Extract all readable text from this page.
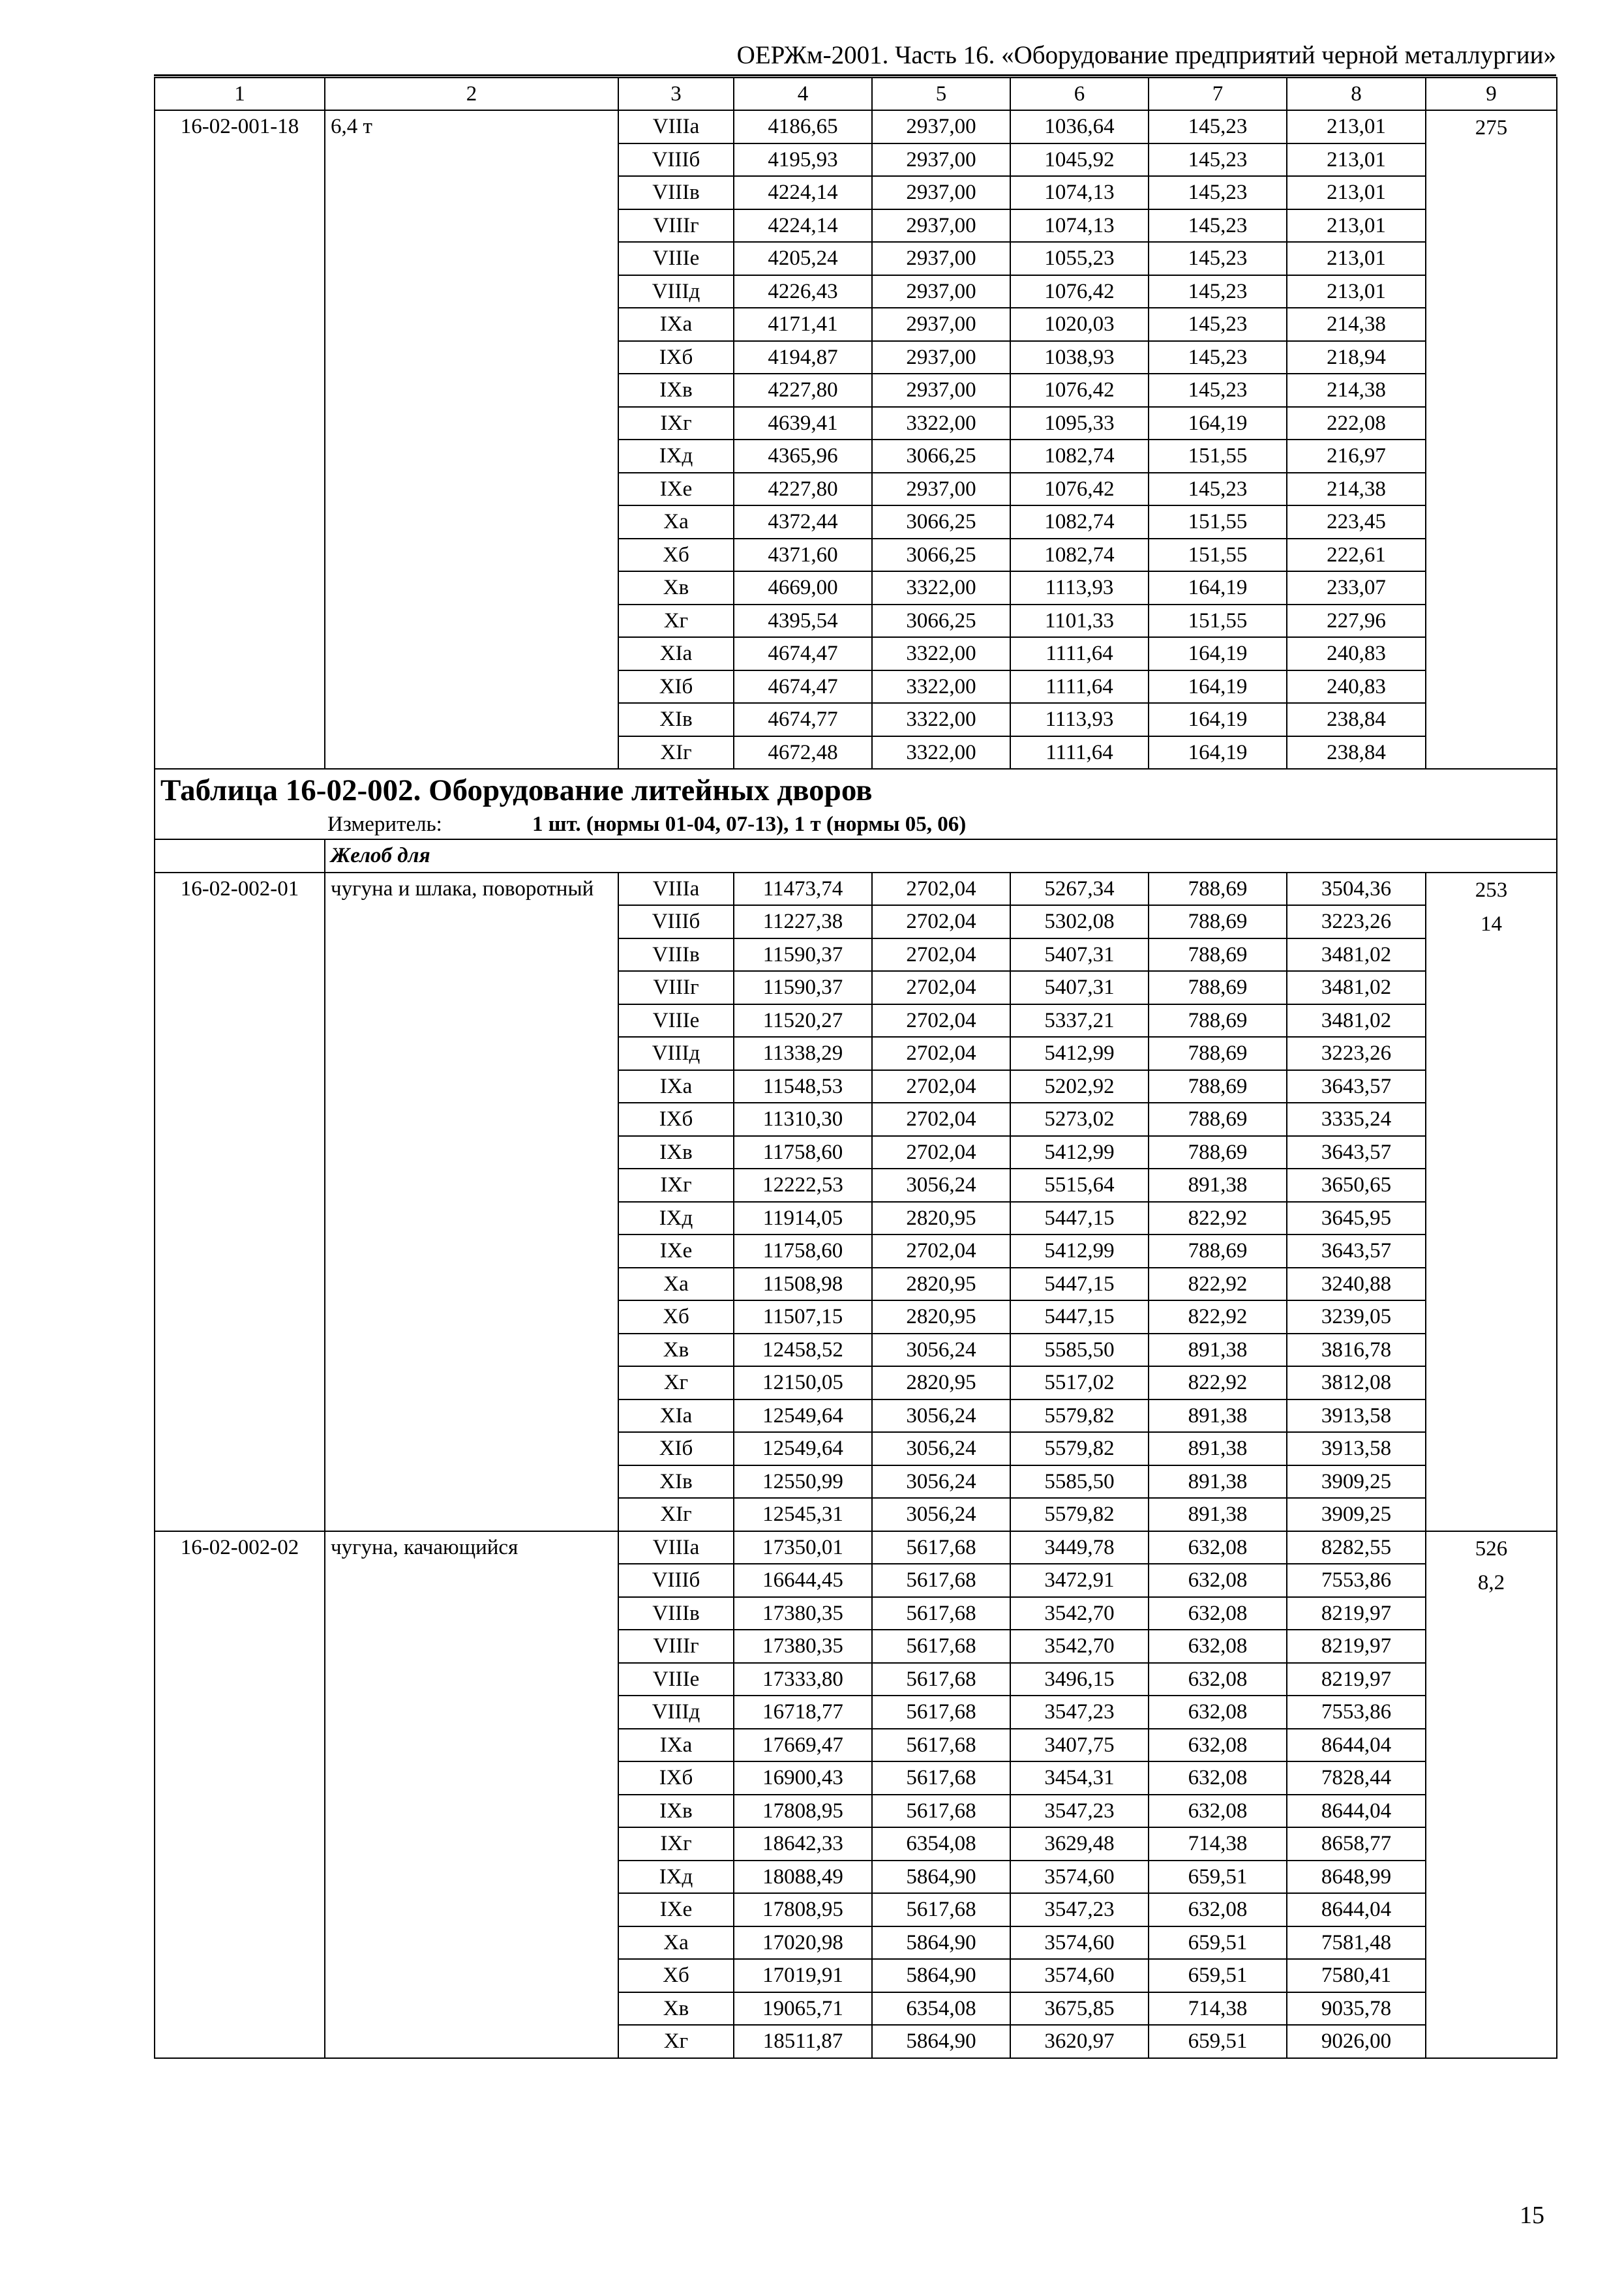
ОЕРЖм-2001. Часть 16. «Оборудование предприятий черной металлургии»
1	2	3	4	5	6	7	8	9
16-02-001-18	6,4 т	VIIIа	4186,65	2937,00	1036,64	145,23	213,01	275

		VIIIб	4195,93	2937,00	1045,92	145,23	213,01	
		VIIIв	4224,14	2937,00	1074,13	145,23	213,01	
		VIIIг	4224,14	2937,00	1074,13	145,23	213,01	
		VIIIе	4205,24	2937,00	1055,23	145,23	213,01	
		VIIIд	4226,43	2937,00	1076,42	145,23	213,01	
		IXа	4171,41	2937,00	1020,03	145,23	214,38	
		IXб	4194,87	2937,00	1038,93	145,23	218,94	
		IXв	4227,80	2937,00	1076,42	145,23	214,38	
		IXг	4639,41	3322,00	1095,33	164,19	222,08	
		IXд	4365,96	3066,25	1082,74	151,55	216,97	
		IXе	4227,80	2937,00	1076,42	145,23	214,38	
		Xа	4372,44	3066,25	1082,74	151,55	223,45	
		Xб	4371,60	3066,25	1082,74	151,55	222,61	
		Xв	4669,00	3322,00	1113,93	164,19	233,07	
		Xг	4395,54	3066,25	1101,33	151,55	227,96	
		XIа	4674,47	3322,00	1111,64	164,19	240,83	
		XIб	4674,47	3322,00	1111,64	164,19	240,83	
		XIв	4674,77	3322,00	1113,93	164,19	238,84	
		XIг	4672,48	3322,00	1111,64	164,19	238,84	

Таблица 16-02-002. Оборудование литейных дворов
Измеритель: 1 шт. (нормы 01-04, 07-13), 1 т (нормы 05, 06)								

	Желоб для							
16-02-002-01	чугуна и шлака, поворотный	VIIIа	11473,74	2702,04	5267,34	788,69	3504,36	253
14

		VIIIб	11227,38	2702,04	5302,08	788,69	3223,26	
		VIIIв	11590,37	2702,04	5407,31	788,69	3481,02	
		VIIIг	11590,37	2702,04	5407,31	788,69	3481,02	
		VIIIе	11520,27	2702,04	5337,21	788,69	3481,02	
		VIIIд	11338,29	2702,04	5412,99	788,69	3223,26	
		IXа	11548,53	2702,04	5202,92	788,69	3643,57	
		IXб	11310,30	2702,04	5273,02	788,69	3335,24	
		IXв	11758,60	2702,04	5412,99	788,69	3643,57	
		IXг	12222,53	3056,24	5515,64	891,38	3650,65	
		IXд	11914,05	2820,95	5447,15	822,92	3645,95	
		IXе	11758,60	2702,04	5412,99	788,69	3643,57	
		Xа	11508,98	2820,95	5447,15	822,92	3240,88	
		Xб	11507,15	2820,95	5447,15	822,92	3239,05	
		Xв	12458,52	3056,24	5585,50	891,38	3816,78	
		Xг	12150,05	2820,95	5517,02	822,92	3812,08	
		XIа	12549,64	3056,24	5579,82	891,38	3913,58	
		XIб	12549,64	3056,24	5579,82	891,38	3913,58	
		XIв	12550,99	3056,24	5585,50	891,38	3909,25	
		XIг	12545,31	3056,24	5579,82	891,38	3909,25	
16-02-002-02	чугуна, качающийся	VIIIа	17350,01	5617,68	3449,78	632,08	8282,55	526
8,2

		VIIIб	16644,45	5617,68	3472,91	632,08	7553,86	
		VIIIв	17380,35	5617,68	3542,70	632,08	8219,97	
		VIIIг	17380,35	5617,68	3542,70	632,08	8219,97	
		VIIIе	17333,80	5617,68	3496,15	632,08	8219,97	
		VIIIд	16718,77	5617,68	3547,23	632,08	7553,86	
		IXа	17669,47	5617,68	3407,75	632,08	8644,04	
		IXб	16900,43	5617,68	3454,31	632,08	7828,44	
		IXв	17808,95	5617,68	3547,23	632,08	8644,04	
		IXг	18642,33	6354,08	3629,48	714,38	8658,77	
		IXд	18088,49	5864,90	3574,60	659,51	8648,99	
		IXе	17808,95	5617,68	3547,23	632,08	8644,04	
		Xа	17020,98	5864,90	3574,60	659,51	7581,48	
		Xб	17019,91	5864,90	3574,60	659,51	7580,41	
		Xв	19065,71	6354,08	3675,85	714,38	9035,78	
		Xг	18511,87	5864,90	3620,97	659,51	9026,00	
15
